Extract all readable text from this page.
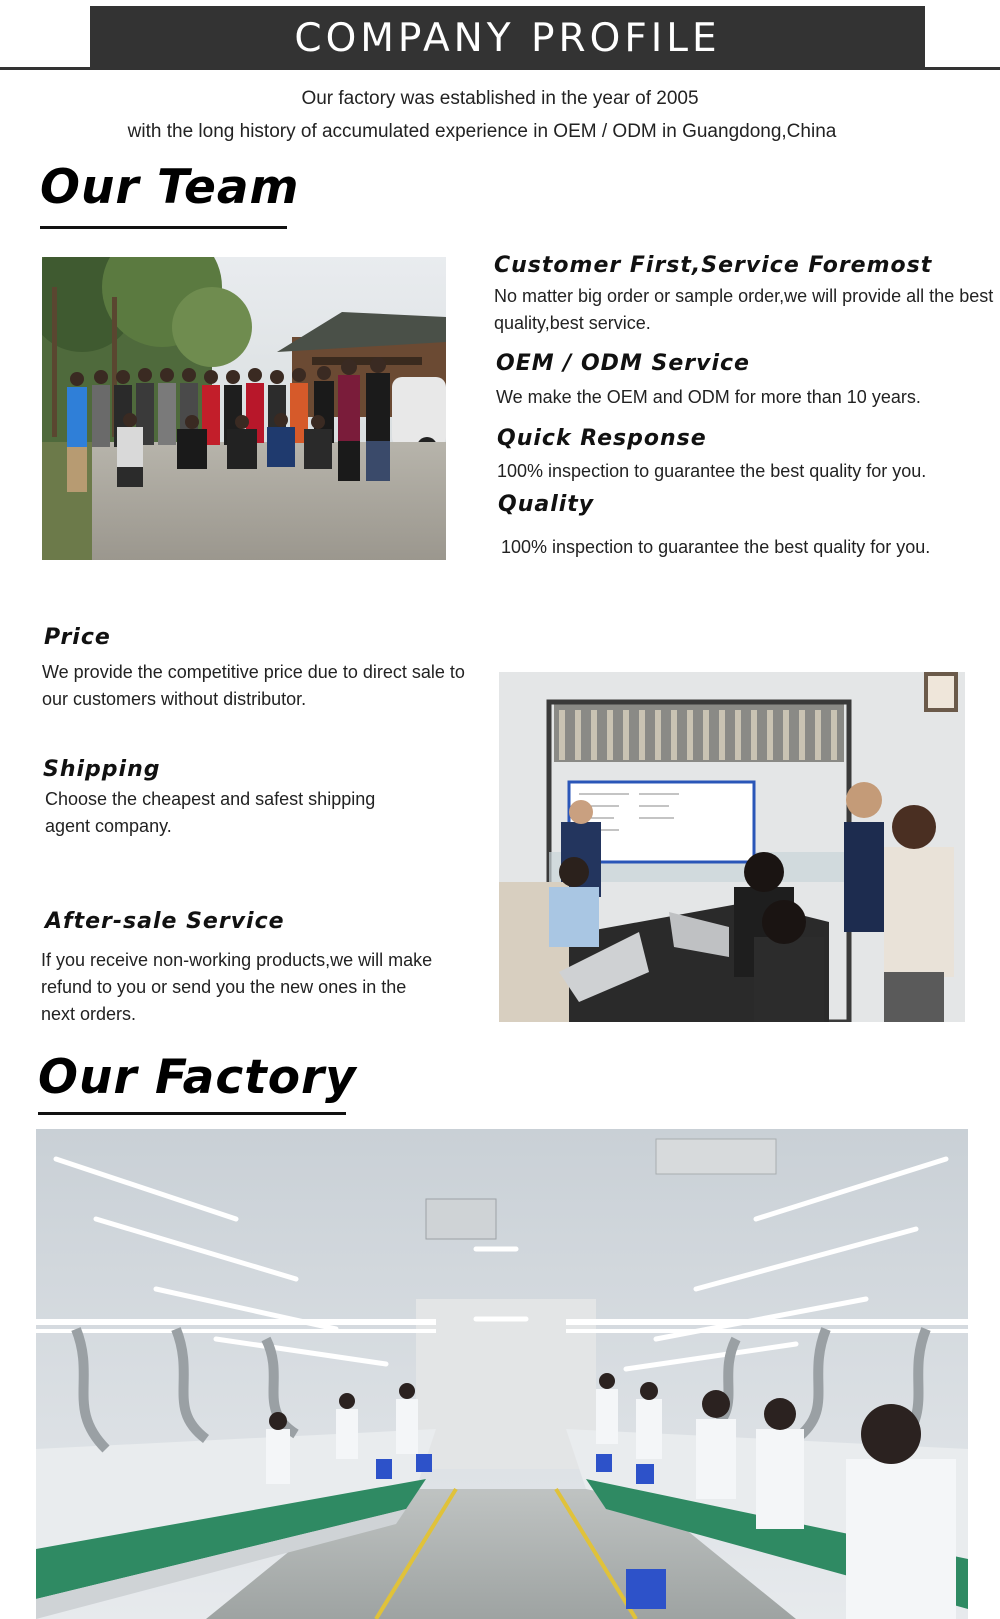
COMPANY PROFILE
Our factory was established in the year of 2005
with the long history of accumulated experience in OEM / ODM in Guangdong,China
Our Team
Customer First,Service Foremost
No matter big order or sample order,we will provide all the best quality,best service.
OEM / ODM Service
We make the OEM and ODM for more than 10 years.
Quick Response
100% inspection to guarantee the best quality for you.
Quality
100% inspection to guarantee the best quality for you.
Price
We provide the competitive price due to direct sale to our customers without distributor.
Shipping
Choose the cheapest and safest shipping agent company.
After-sale Service
If you receive non-working products,we will make refund to you or send you the new ones in the next orders.
Our Factory
